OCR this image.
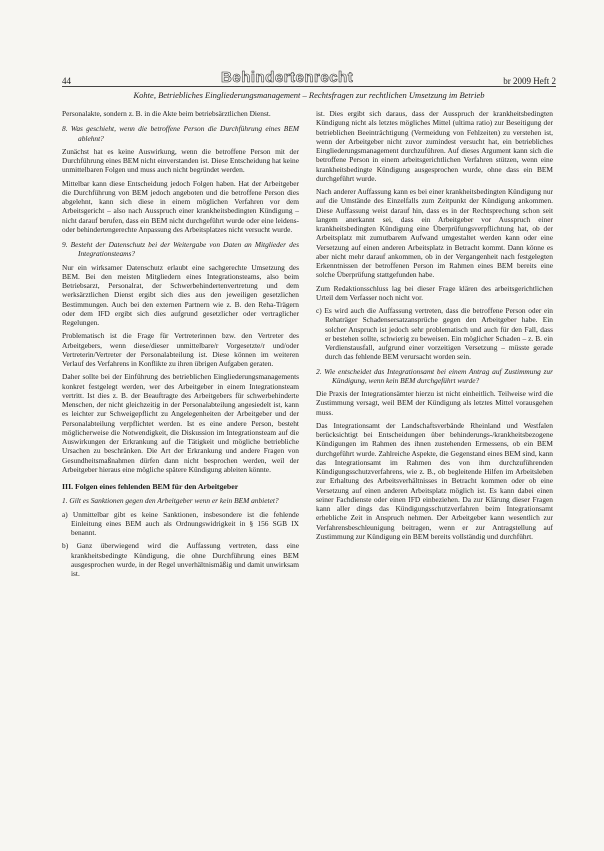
44	Behindertenrecht	br 2009 Heft 2
Kohte, Betriebliches Eingliederungsmanagement – Rechtsfragen zur rechtlichen Umsetzung im Betrieb

Personalakte, sondern z. B. in die Akte beim betriebsärztlichen Dienst.

8. Was geschieht, wenn die betroffene Person die Durchführung eines BEM ablehnt?

Zunächst hat es keine Auswirkung, wenn die betroffene Person mit der Durchführung eines BEM nicht einverstanden ist. Diese Entscheidung hat keine unmittelbaren Folgen und muss auch nicht begründet werden.

Mittelbar kann diese Entscheidung jedoch Folgen haben. Hat der Arbeitgeber die Durchführung von BEM jedoch angeboten und die betroffene Person dies abgelehnt, kann sich diese in einem möglichen Verfahren vor dem Arbeitsgericht – also nach Ausspruch einer krankheitsbedingten Kündigung – nicht darauf berufen, dass ein BEM nicht durchgeführt wurde oder eine leidens- oder behindertengerechte Anpassung des Arbeitsplatzes nicht versucht wurde.

9. Besteht der Datenschutz bei der Weitergabe von Daten an Mitglieder des Integrationsteams?

Nur ein wirksamer Datenschutz erlaubt eine sachgerechte Umsetzung des BEM. Bei den meisten Mitgliedern eines Integrationsteams, also beim Betriebsarzt, Personalrat, der Schwerbehindertenvertretung und dem werksärztlichen Dienst ergibt sich dies aus den jeweiligen gesetzlichen Bestimmungen. Auch bei den externen Partnern wie z. B. den Reha-Trägern oder dem IFD ergibt sich dies aufgrund gesetzlicher oder vertraglicher Regelungen.

Problematisch ist die Frage für Vertreterinnen bzw. den Vertreter des Arbeitgebers, wenn diese/dieser unmittelbare/r Vorgesetzte/r und/oder Vertreterin/Vertreter der Personalabteilung ist. Diese können im weiteren Verlauf des Verfahrens in Konflikte zu ihren übrigen Aufgaben geraten.

Daher sollte bei der Einführung des betrieblichen Eingliederungsmanagements konkret festgelegt werden, wer des Arbeitgeber in einem Integrationsteam vertritt. Ist dies z. B. der Beauftragte des Arbeitgebers für schwerbehinderte Menschen, der nicht gleichzeitig in der Personalabteilung angesiedelt ist, kann es leichter zur Schweigepflicht zu Angelegenheiten der Arbeitgeber und der Personalabteilung verpflichtet werden. Ist es eine andere Person, besteht möglicherweise die Notwendigkeit, die Diskussion im Integrationsteam auf die Auswirkungen der Erkrankung auf die Tätigkeit und mögliche betriebliche Ursachen zu beschränken. Die Art der Erkrankung und andere Fragen von Gesundheitsmaßnahmen dürfen dann nicht besprochen werden, weil der Arbeitgeber hieraus eine mögliche spätere Kündigung ableiten könnte.

III. Folgen eines fehlenden BEM für den Arbeitgeber
1. Gilt es Sanktionen gegen den Arbeitgeber wenn er kein BEM anbietet?

a) Unmittelbar gibt es keine Sanktionen, insbesondere ist die fehlende Einleitung eines BEM auch als Ordnungswidrigkeit in § 156 SGB IX benannt.

b) Ganz überwiegend wird die Auffassung vertreten, dass eine krankheitsbedingte Kündigung, die ohne Durchführung eines BEM ausgesprochen wurde, in der Regel unverhältnismäßig und damit unwirksam ist.

ist. Dies ergibt sich daraus, dass der Ausspruch der krankheitsbedingten Kündigung nicht als letztes mögliches Mittel (ultima ratio) zur Beseitigung der betrieblichen Beeinträchtigung (Vermeidung von Fehlzeiten) zu verstehen ist, wenn der Arbeitgeber nicht zuvor zumindest versucht hat, ein betriebliches Eingliederungsmanagement durchzuführen. Auf dieses Argument kann sich die betroffene Person in einem arbeitsgerichtlichen Verfahren stützen, wenn eine krankheitsbedingte Kündigung ausgesprochen wurde, ohne dass ein BEM durchgeführt wurde.

Nach anderer Auffassung kann es bei einer krankheitsbedingten Kündigung nur auf die Umstände des Einzelfalls zum Zeitpunkt der Kündigung ankommen. Diese Auffassung weist darauf hin, dass es in der Rechtsprechung schon seit langem anerkannt sei, dass ein Arbeitgeber vor Ausspruch einer krankheitsbedingten Kündigung eine Überprüfungsverpflichtung hat, ob der Arbeitsplatz mit zumutbarem Aufwand umgestaltet werden kann oder eine Versetzung auf einen anderen Arbeitsplatz in Betracht kommt. Dann könne es aber nicht mehr darauf ankommen, ob in der Vergangenheit nach festgelegten Erkenntnissen der betroffenen Person im Rahmen eines BEM bereits eine solche Überprüfung stattgefunden habe.

Zum Redaktionsschluss lag bei dieser Frage klären des arbeitsgerichtlichen Urteil dem Verfasser noch nicht vor.

c) Es wird auch die Auffassung vertreten, dass die betroffene Person oder ein Rehaträger Schadensersatzansprüche gegen den Arbeitgeber habe. Ein solcher Anspruch ist jedoch sehr problematisch und auch für den Fall, dass er bestehen sollte, schwierig zu beweisen. Ein möglicher Schaden – z. B. ein Verdienstausfall, aufgrund einer vorzeitigen Versetzung – müsste gerade durch das fehlende BEM verursacht worden sein.

2. Wie entscheidet das Integrationsamt bei einem Antrag auf Zustimmung zur Kündigung, wenn kein BEM durchgeführt wurde?

Die Praxis der Integrationsämter hierzu ist nicht einheitlich. Teilweise wird die Zustimmung versagt, weil BEM der Kündigung als letztes Mittel vorausgehen muss.

Das Integrationsamt der Landschaftsverbände Rheinland und Westfalen berücksichtigt bei Entscheidungen über behinderungs-/krankheitsbezogene Kündigungen im Rahmen des ihnen zustehenden Ermessens, ob ein BEM durchgeführt wurde. Zahlreiche Aspekte, die Gegenstand eines BEM sind, kann das Integrationsamt im Rahmen des von ihm durchzuführenden Kündigungsschutzverfahrens, wie z. B., ob begleitende Hilfen im Arbeitsleben zur Erhaltung des Arbeitsverhältnisses in Betracht kommen oder ob eine Versetzung auf einen anderen Arbeitsplatz möglich ist. Es kann dabei einen seiner Fachdienste oder einen IFD einbeziehen. Da zur Klärung dieser Fragen kann aller dings das Kündigungsschutzverfahren beim Integrationsamt erhebliche Zeit in Anspruch nehmen. Der Arbeitgeber kann wesentlich zur Verfahrensbeschleunigung beitragen, wenn er zur Antragstellung auf Zustimmung zur Kündigung ein BEM bereits vollständig und durchführt.
